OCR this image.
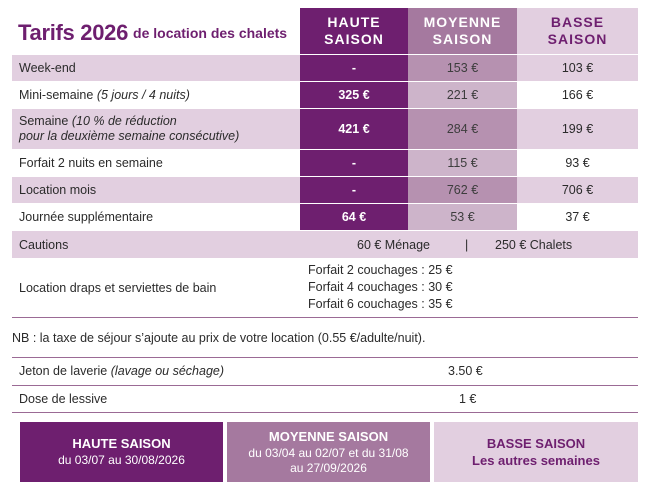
Tarifs 2026 de location des chalets
HAUTE
SAISON
MOYENNE
SAISON
BASSE
SAISON
Week-end	-	153 €	103 €
Mini-semaine
(5 jours / 4 nuits)	325 €	221 €	166 €
Semaine (10 % de réduction
pour la deuxième semaine consécutive)	421 €	284 €	199 €
Forfait 2 nuits en semaine	-	115 €	93 €
Location mois	-	762 €	706 €
Journée supplémentaire	64 €	53 €	37 €
Cautions	60 € Ménage	| 250 € Chalets
Location draps et serviettes de bain
Forfait 2 couchages : 25 €
Forfait 4 couchages : 30 €
Forfait 6 couchages : 35 €
NB : la taxe de séjour s’ajoute au prix de votre location (0.55 €/adulte/nuit).
Jeton de laverie
(lavage ou séchage)	3.50 €
Dose de lessive	1 €
HAUTE SAISON
du 03/07 au 30/08/2026
MOYENNE SAISON
du 03/04 au 02/07 et du 31/08
au 27/09/2026
BASSE SAISON
Les autres semaines
